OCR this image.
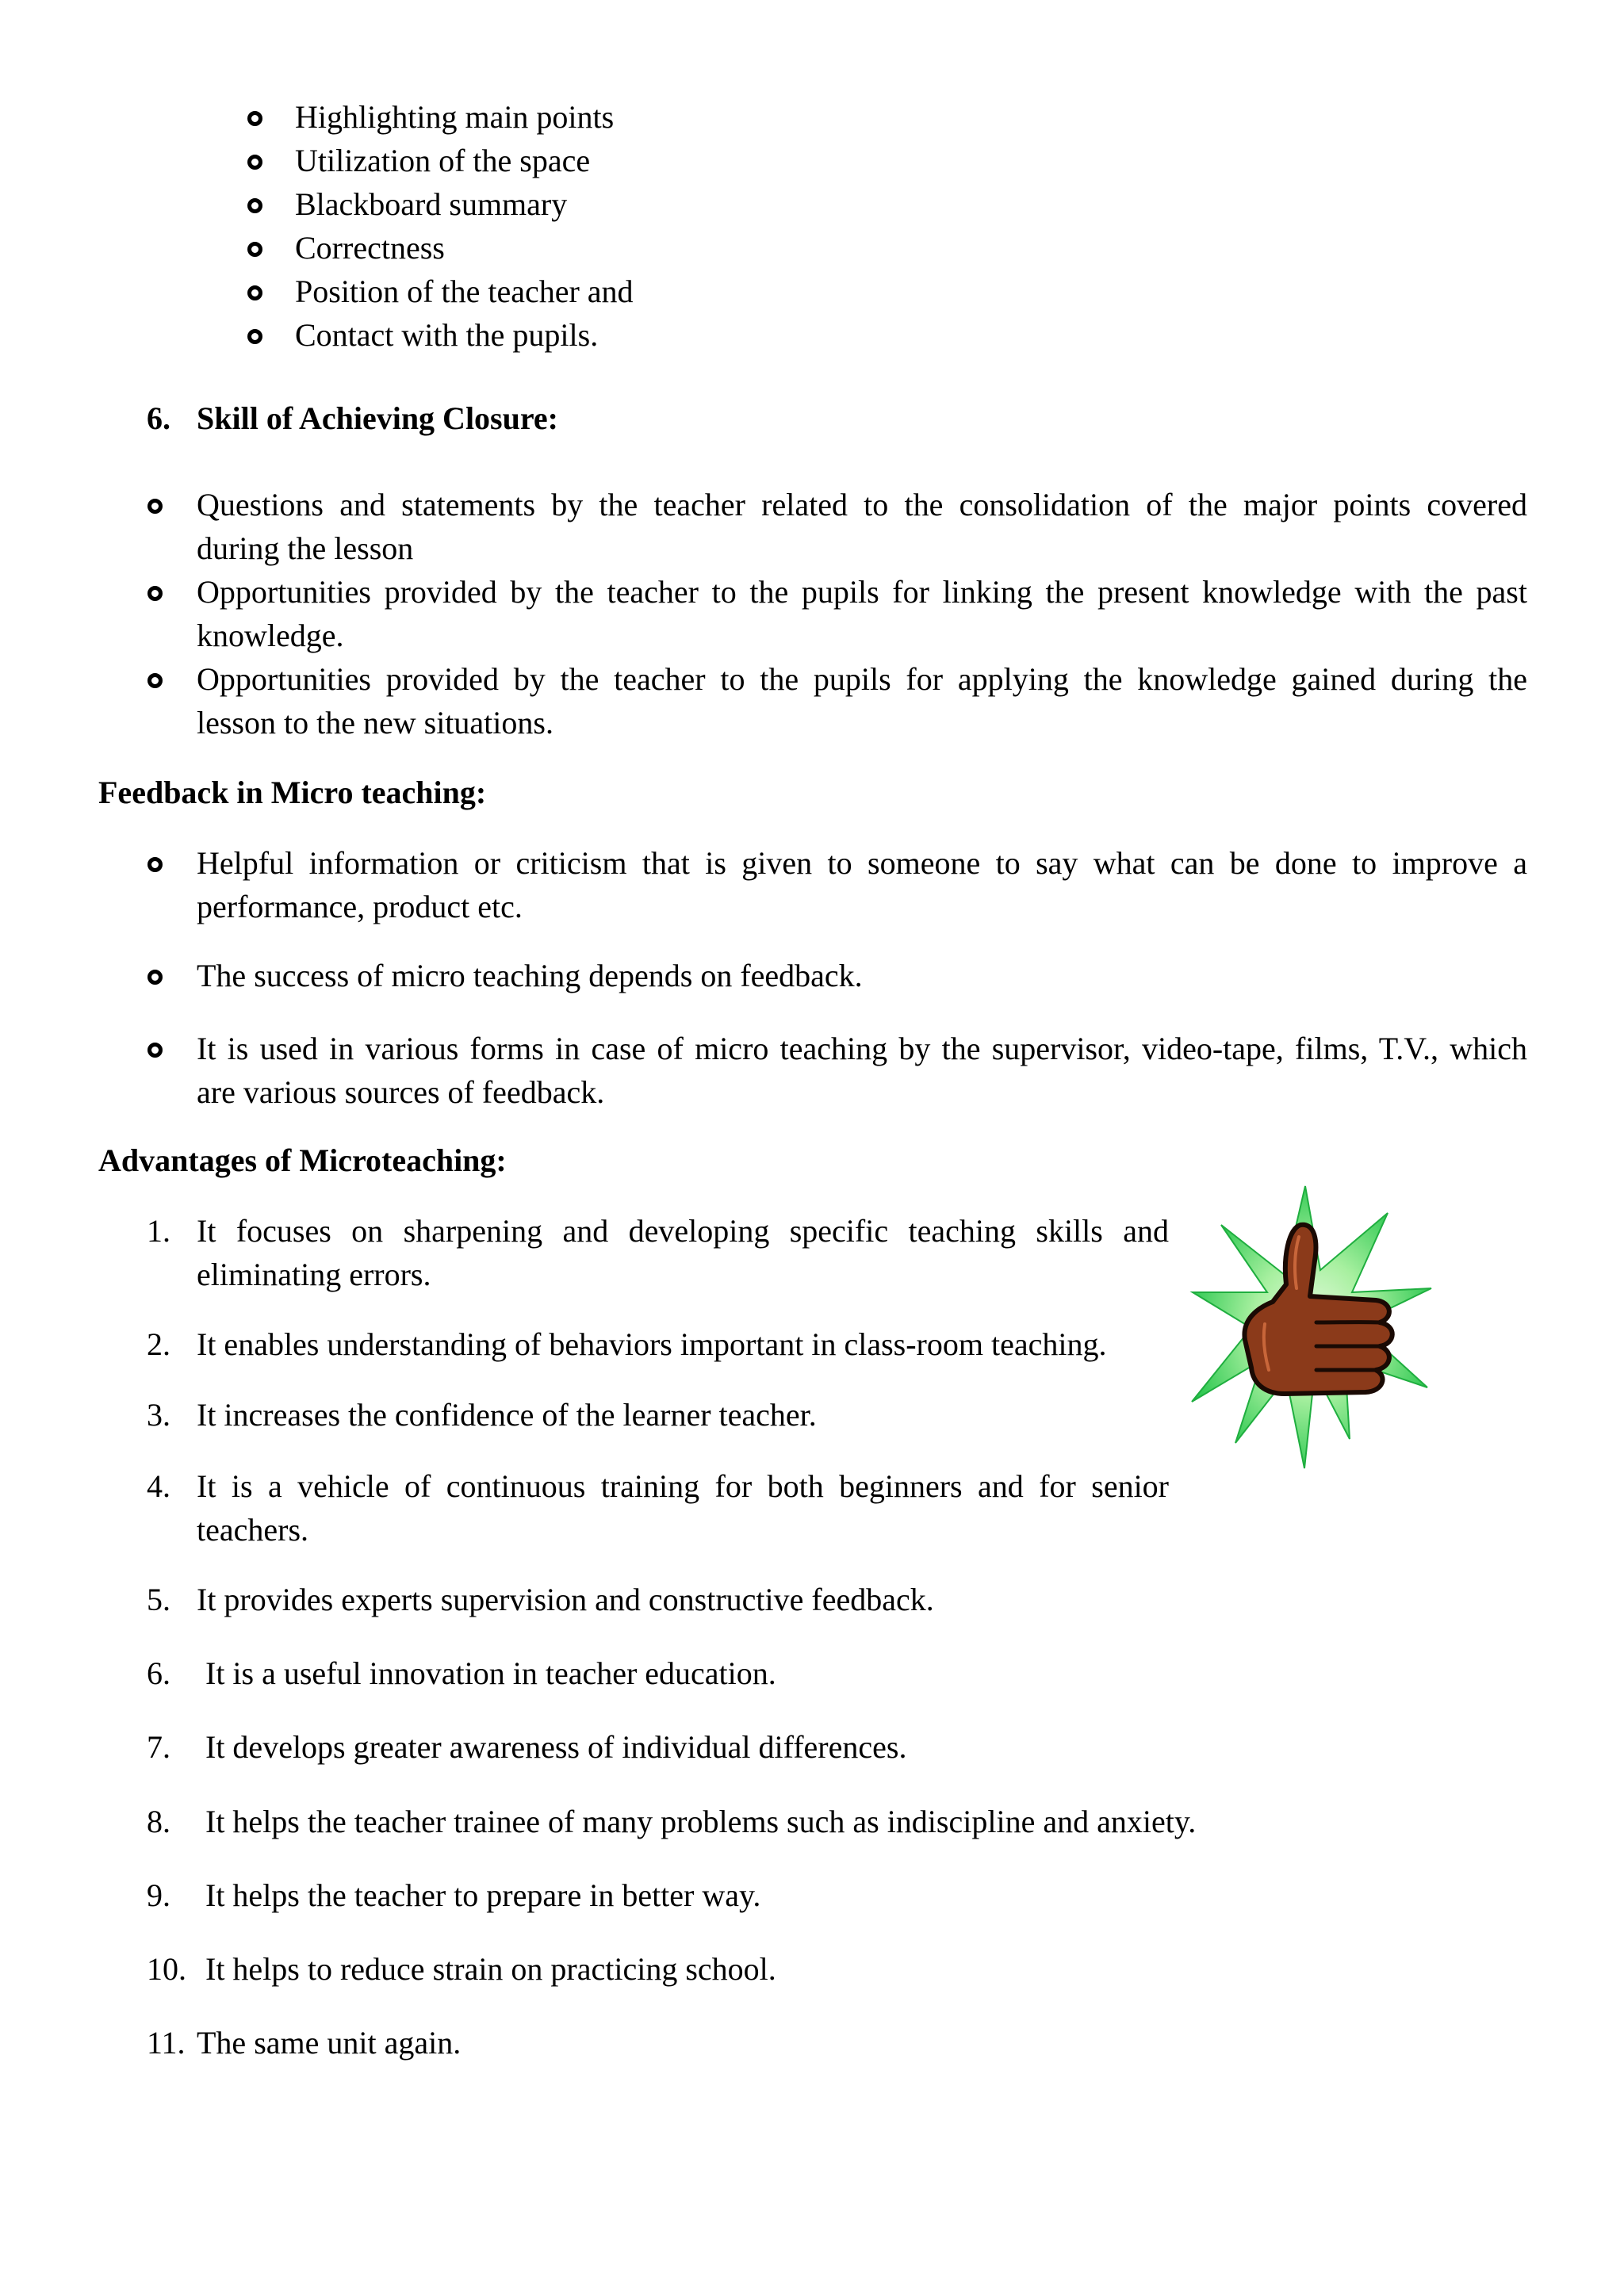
Highlighting main points
Utilization of the space
Blackboard summary
Correctness
Position of the teacher and
Contact with the pupils.
6. Skill of Achieving Closure:
Questions and statements by the teacher related to the consolidation of the major points covered
during the lesson
Opportunities provided by the teacher to the pupils for linking the present knowledge with the past
knowledge.
Opportunities provided by the teacher to the pupils for applying the knowledge gained during the
lesson to the new situations.
Feedback in Micro teaching:
Helpful information or criticism that is given to someone to say what can be done to improve a
performance, product etc.
The success of micro teaching depends on feedback.
It is used in various forms in case of micro teaching by the supervisor, video-tape, films, T.V., which
are various sources of feedback.
Advantages of Microteaching:
1. It focuses on sharpening and developing specific teaching skills and
eliminating errors.
2. It enables understanding of behaviors important in class-room teaching.
3. It increases the confidence of the learner teacher.
4. It is a vehicle of continuous training for both beginners and for senior
teachers.
5. It provides experts supervision and constructive feedback.
6. It is a useful innovation in teacher education.
7. It develops greater awareness of individual differences.
8. It helps the teacher trainee of many problems such as indiscipline and anxiety.
9. It helps the teacher to prepare in better way.
10. It helps to reduce strain on practicing school.
11. The same unit again.
